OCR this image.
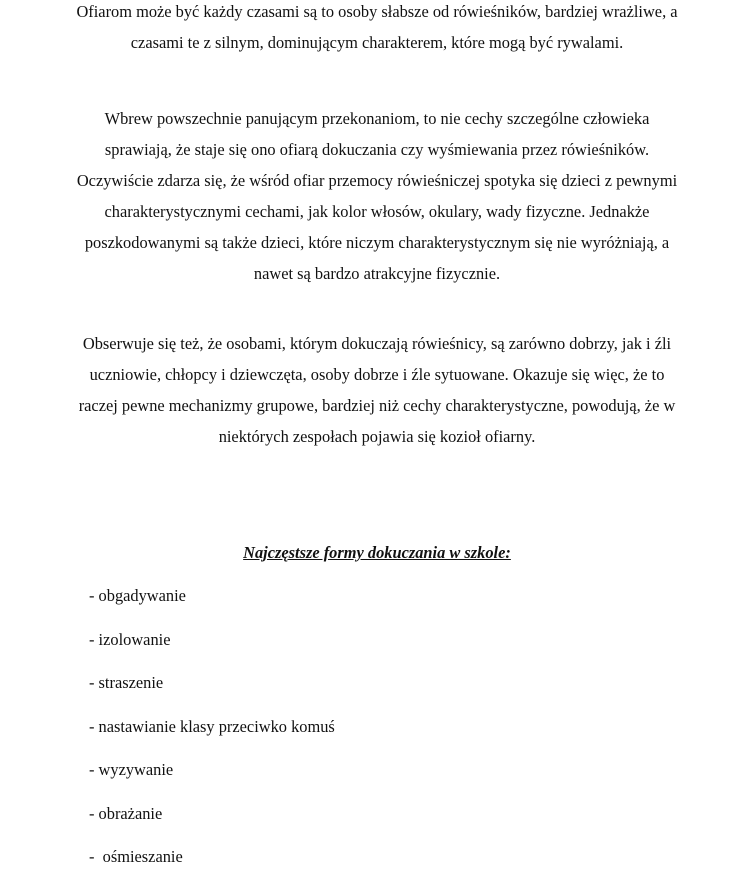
Ofiarom może być każdy czasami są to osoby słabsze od rówieśników, bardziej wrażliwe, a czasami te z silnym, dominującym charakterem, które mogą być rywalami.

Wbrew powszechnie panującym przekonaniom, to nie cechy szczególne człowieka sprawiają, że staje się ono ofiarą dokuczania czy wyśmiewania przez rówieśników. Oczywiście zdarza się, że wśród ofiar przemocy rówieśniczej spotyka się dzieci z pewnymi charakterystycznymi cechami, jak kolor włosów, okulary, wady fizyczne. Jednakże poszkodowanymi są także dzieci, które niczym charakterystycznym się nie wyróżniają, a nawet są bardzo atrakcyjne fizycznie.

Obserwuje się też, że osobami, którym dokuczają rówieśnicy, są zarówno dobrzy, jak i źli uczniowie, chłopcy i dziewczęta, osoby dobrze i źle sytuowane. Okazuje się więc, że to raczej pewne mechanizmy grupowe, bardziej niż cechy charakterystyczne, powodują, że w niektórych zespołach pojawia się kozioł ofiarny.

Najczęstsze formy dokuczania w szkole:

- obgadywanie
- izolowanie
- straszenie
- nastawianie klasy przeciwko komuś
- wyzywanie
- obrażanie
-  ośmieszanie
